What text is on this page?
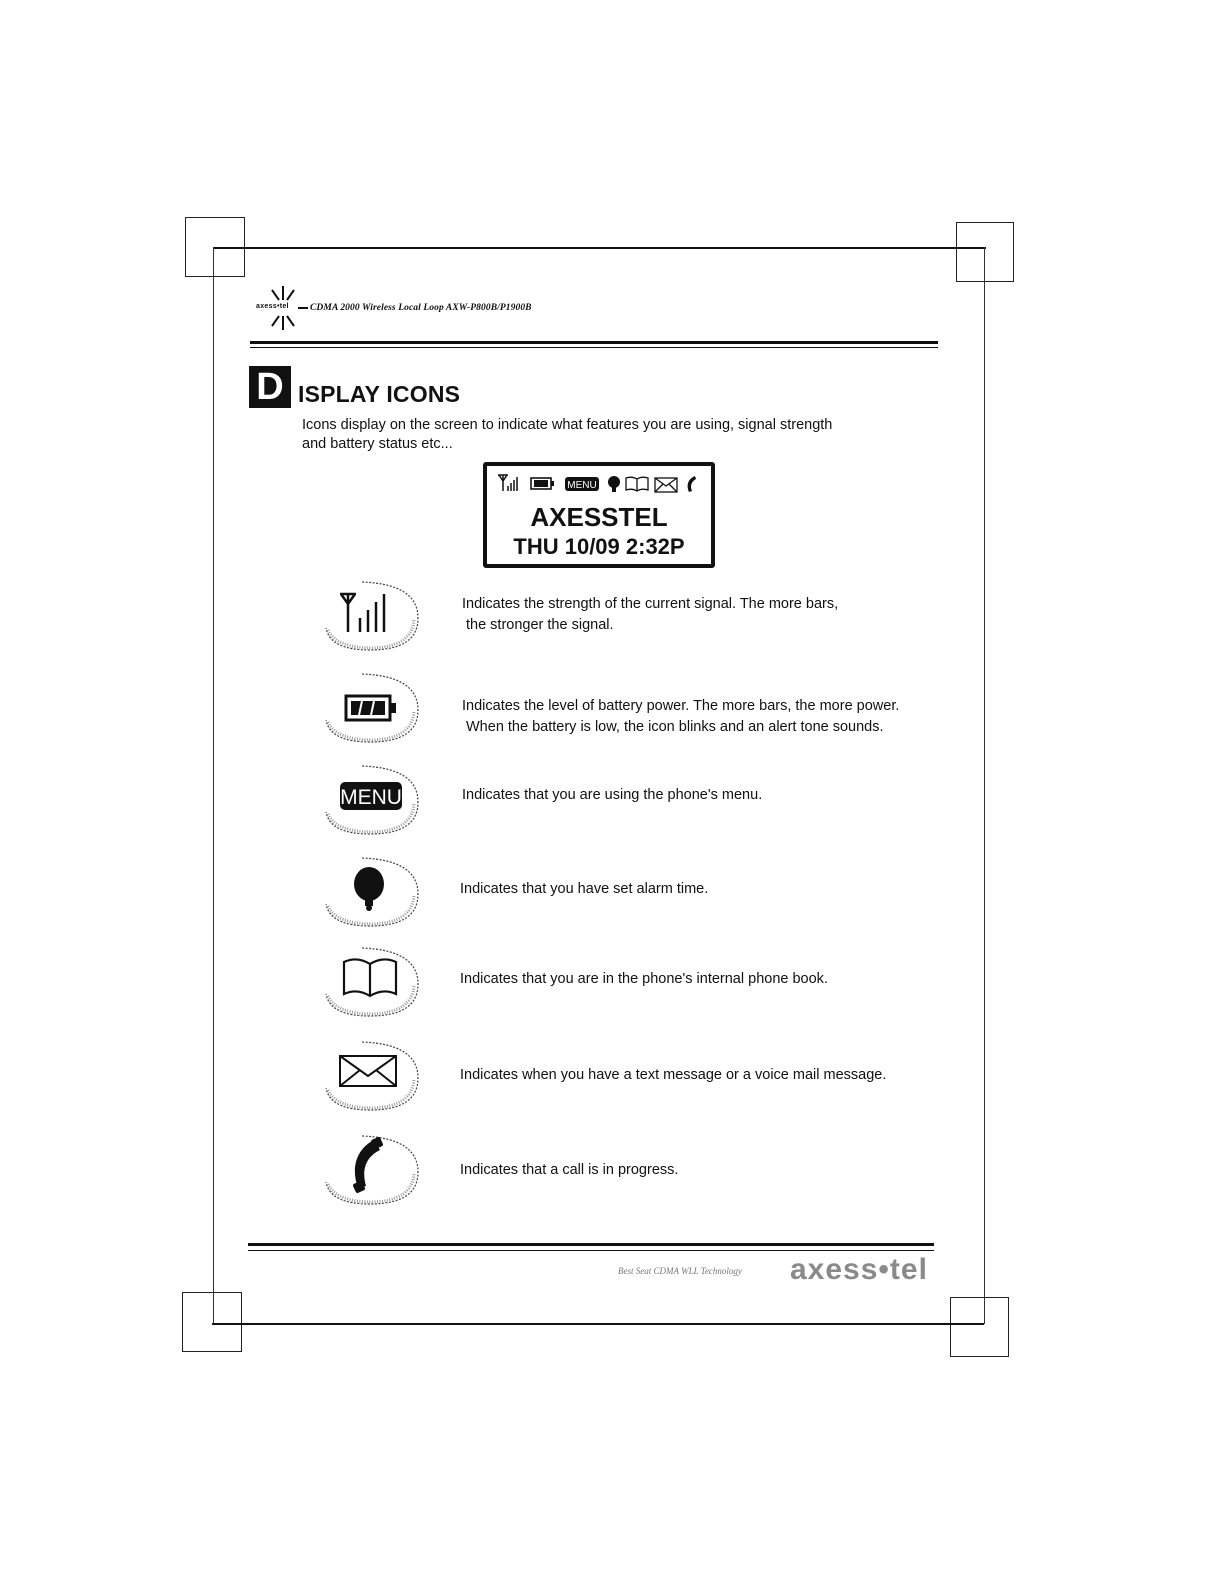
axess•tel CDMA 2000 Wireless Local Loop AXW-P800B/P1900B
D ISPLAY ICONS
Icons display on the screen to indicate what features you are using, signal strength
and battery status etc...
MENU
AXESSTEL
THU 10/09 2:32P
Indicates the strength of the current signal. The more bars,
the stronger the signal.
Indicates the level of battery power. The more bars, the more power.
When the battery is low, the icon blinks and an alert tone sounds.
MENU	Indicates that you are using the phone's menu.
Indicates that you have set alarm time.
Indicates that you are in the phone's internal phone book.
Indicates when you have a text message or a voice mail message.
Indicates that a call is in progress.
Best Seat CDMA WLL Technology axess•tel
